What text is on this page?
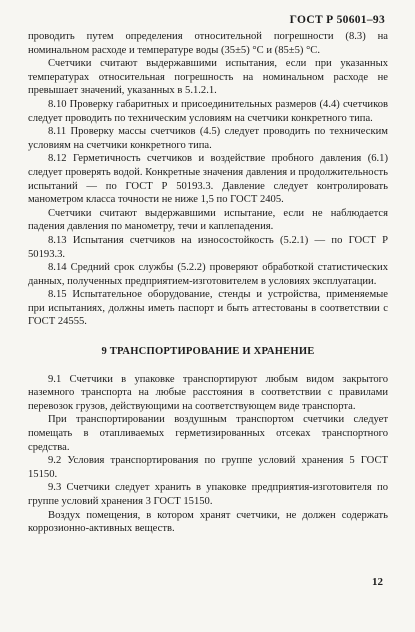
ГОСТ Р 50601–93

проводить путем определения относительной погрешности (8.3) на номинальном расходе и температуре воды (35±5) °С и (85±5) °С.

Счетчики считают выдержавшими испытания, если при указанных температурах относительная погрешность на номинальном расходе не превышает значений, указанных в 5.1.2.1.

8.10 Проверку габаритных и присоединительных размеров (4.4) счетчиков следует проводить по техническим условиям на счетчики конкретного типа.

8.11 Проверку массы счетчиков (4.5) следует проводить по техническим условиям на счетчики конкретного типа.

8.12 Герметичность счетчиков и воздействие пробного давления (6.1) следует проверять водой. Конкретные значения давления и продолжительность испытаний — по ГОСТ Р 50193.3. Давление следует контролировать манометром класса точности не ниже 1,5 по ГОСТ 2405.

Счетчики считают выдержавшими испытание, если не наблюдается падения давления по манометру, течи и каплепадения.

8.13 Испытания счетчиков на износостойкость (5.2.1) — по ГОСТ Р 50193.3.

8.14 Средний срок службы (5.2.2) проверяют обработкой статистических данных, полученных предприятием-изготовителем в условиях эксплуатации.

8.15 Испытательное оборудование, стенды и устройства, применяемые при испытаниях, должны иметь паспорт и быть аттестованы в соответствии с ГОСТ 24555.

9 ТРАНСПОРТИРОВАНИЕ И ХРАНЕНИЕ

9.1 Счетчики в упаковке транспортируют любым видом закрытого наземного транспорта на любые расстояния в соответствии с правилами перевозок грузов, действующими на соответствующем виде транспорта.

При транспортировании воздушным транспортом счетчики следует помещать в отапливаемых герметизированных отсеках транспортного средства.

9.2 Условия транспортирования по группе условий хранения 5 ГОСТ 15150.

9.3 Счетчики следует хранить в упаковке предприятия-изготовителя по группе условий хранения 3 ГОСТ 15150.

Воздух помещения, в котором хранят счетчики, не должен содержать коррозионно-активных веществ.

12
